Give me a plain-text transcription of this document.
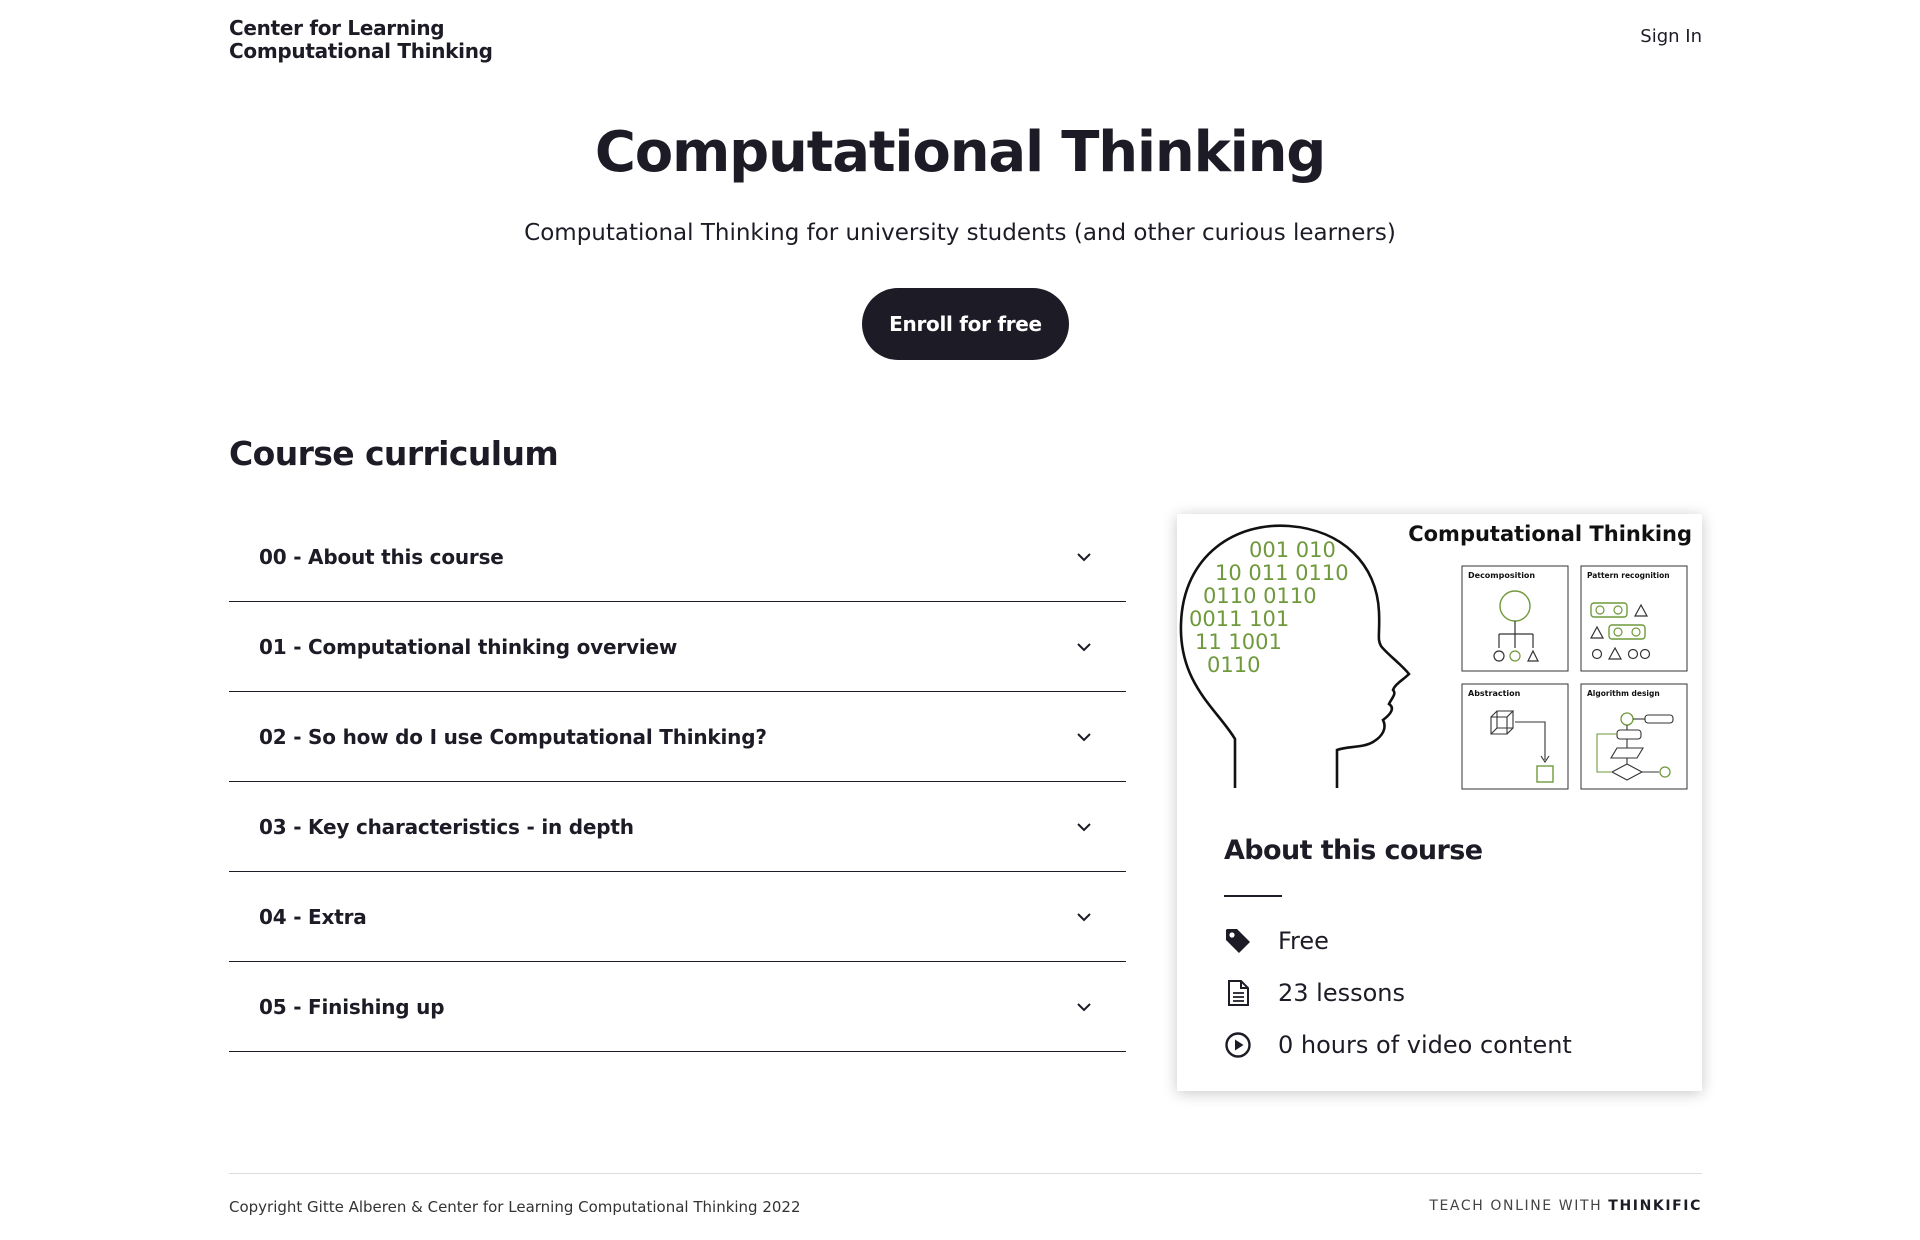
Center for Learning
Computational Thinking
Sign In
Computational Thinking

Computational Thinking for university students (and other curious learners)

Enroll for free
Course curriculum
00 - About this course
01 - Computational thinking overview
02 - So how do I use Computational Thinking?
03 - Key characteristics - in depth
04 - Extra
05 - Finishing up
001 010
10 011 0110
0110 0110
0011 101
11 1001
0110
Computational Thinking
Decomposition	Pattern recognition
Abstraction	Algorithm design
About this course
Free
23 lessons
0 hours of video content
Copyright Gitte Alberen & Center for Learning Computational Thinking 2022	TEACH ONLINE WITH THINKIFIC
